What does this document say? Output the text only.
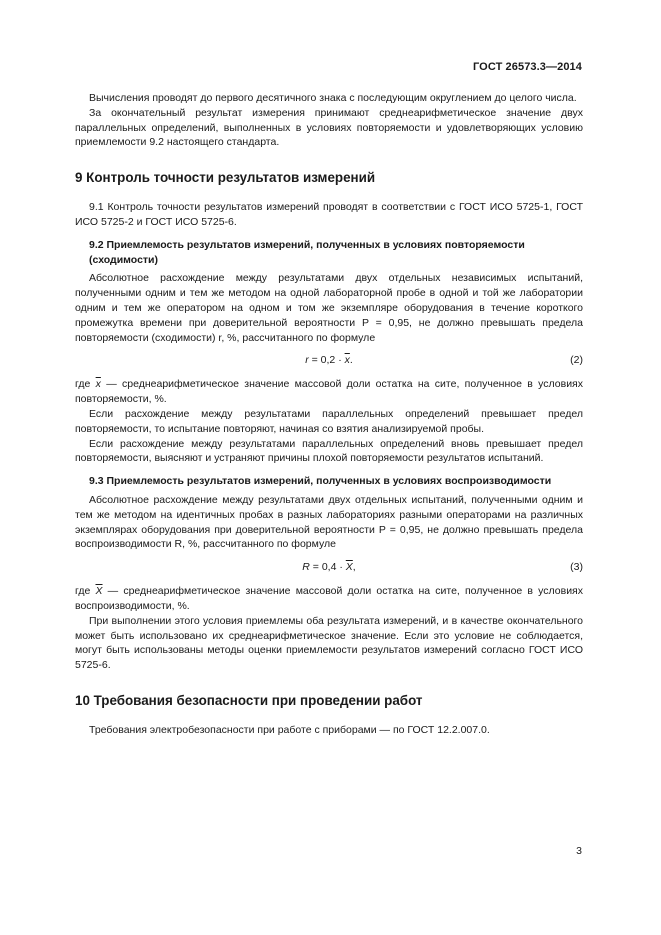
ГОСТ 26573.3—2014

Вычисления проводят до первого десятичного знака с последующим округлением до целого числа.

За окончательный результат измерения принимают среднеарифметическое значение двух параллельных определений, выполненных в условиях повторяемости и удовлетворяющих условию приемлемости 9.2 настоящего стандарта.

9 Контроль точности результатов измерений

9.1 Контроль точности результатов измерений проводят в соответствии с ГОСТ ИСО 5725-1, ГОСТ ИСО 5725-2 и ГОСТ ИСО 5725-6.

9.2 Приемлемость результатов измерений, полученных в условиях повторяемости (сходимости)

Абсолютное расхождение между результатами двух отдельных независимых испытаний, полученными одним и тем же методом на одной лабораторной пробе в одной и той же лаборатории одним и тем же оператором на одном и том же экземпляре оборудования в течение короткого промежутка времени при доверительной вероятности P = 0,95, не должно превышать предела повторяемости (сходимости) r, %, рассчитанного по формуле

$r = 0,2 \cdot \overline{x}$.	(2)

где $\overline{x}$ — среднеарифметическое значение массовой доли остатка на сите, полученное в условиях повторяемости, %.

Если расхождение между результатами параллельных определений превышает предел повторяемости, то испытание повторяют, начиная со взятия анализируемой пробы.

Если расхождение между результатами параллельных определений вновь превышает предел повторяемости, выясняют и устраняют причины плохой повторяемости результатов испытаний.

9.3 Приемлемость результатов измерений, полученных в условиях воспроизводимости

Абсолютное расхождение между результатами двух отдельных испытаний, полученными одним и тем же методом на идентичных пробах в разных лабораториях разными операторами на различных экземплярах оборудования при доверительной вероятности P = 0,95, не должно превышать предела воспроизводимости R, %, рассчитанного по формуле

$R = 0,4 \cdot \overline{X}$,	(3)

где $\overline{X}$ — среднеарифметическое значение массовой доли остатка на сите, полученное в условиях воспроизводимости, %.

При выполнении этого условия приемлемы оба результата измерений, и в качестве окончательного может быть использовано их среднеарифметическое значение. Если это условие не соблюдается, могут быть использованы методы оценки приемлемости результатов измерений согласно ГОСТ ИСО 5725-6.

10 Требования безопасности при проведении работ

Требования электробезопасности при работе с приборами — по ГОСТ 12.2.007.0.

3
